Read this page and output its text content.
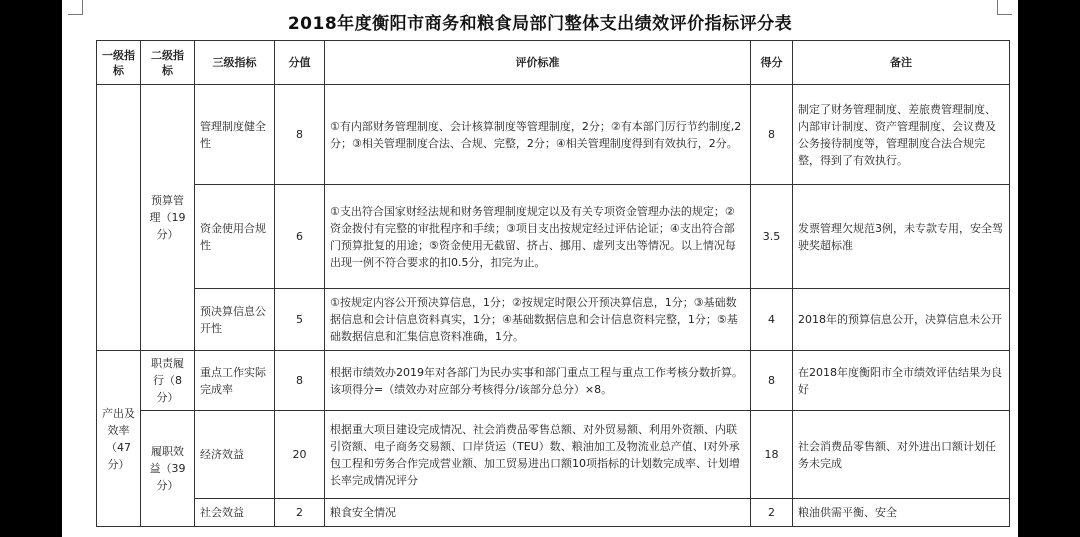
2018年度衡阳市商务和粮食局部门整体支出绩效评价指标评分表
一级指标	二级指标	三级指标	分值	评价标准	得分	备注
	预算管理（19分）	管理制度健全性	8	①有内部财务管理制度、会计核算制度等管理制度，2分；②有本部门厉行节约制度,2分；③相关管理制度合法、合规、完整，2分；④相关管理制度得到有效执行，2分。	8	制定了财务管理制度、差旅费管理制度、内部审计制度、资产管理制度、会议费及公务接待制度等，管理制度合法合规完整，得到了有效执行。
		资金使用合规性	6	①支出符合国家财经法规和财务管理制度规定以及有关专项资金管理办法的规定；②资金拨付有完整的审批程序和手续；③项目支出按规定经过评估论证；④支出符合部门预算批复的用途；⑤资金使用无截留、挤占、挪用、虚列支出等情况。以上情况每出现一例不符合要求的扣0.5分，扣完为止。	3.5	发票管理欠规范3例，未专款专用，安全驾驶奖超标准
		预决算信息公开性	5	①按规定内容公开预决算信息，1分；②按规定时限公开预决算信息，1分；③基础数据信息和会计信息资料真实，1分；④基础数据信息和会计信息资料完整，1分；⑤基础数据信息和汇集信息资料准确，1分。	4	2018年的预算信息公开，决算信息未公开
产出及效率（47分）	职责履行（8分）	重点工作实际完成率	8	根据市绩效办2019年对各部门为民办实事和部门重点工程与重点工作考核分数折算。该项得分=（绩效办对应部分考核得分/该部分总分）×8。	8	在2018年度衡阳市全市绩效评估结果为良好
	履职效益（39分）	经济效益	20	根据重大项目建设完成情况、社会消费品零售总额、对外贸易额、利用外资额、内联引资额、电子商务交易额、口岸货运（TEU）数、粮油加工及物流业总产值、l对外承包工程和劳务合作完成营业额、加工贸易进出口额10项指标的计划数完成率、计划增长率完成情况评分	18	社会消费品零售额、对外进出口额计划任务未完成
		社会效益	2	粮食安全情况	2	粮油供需平衡、安全
